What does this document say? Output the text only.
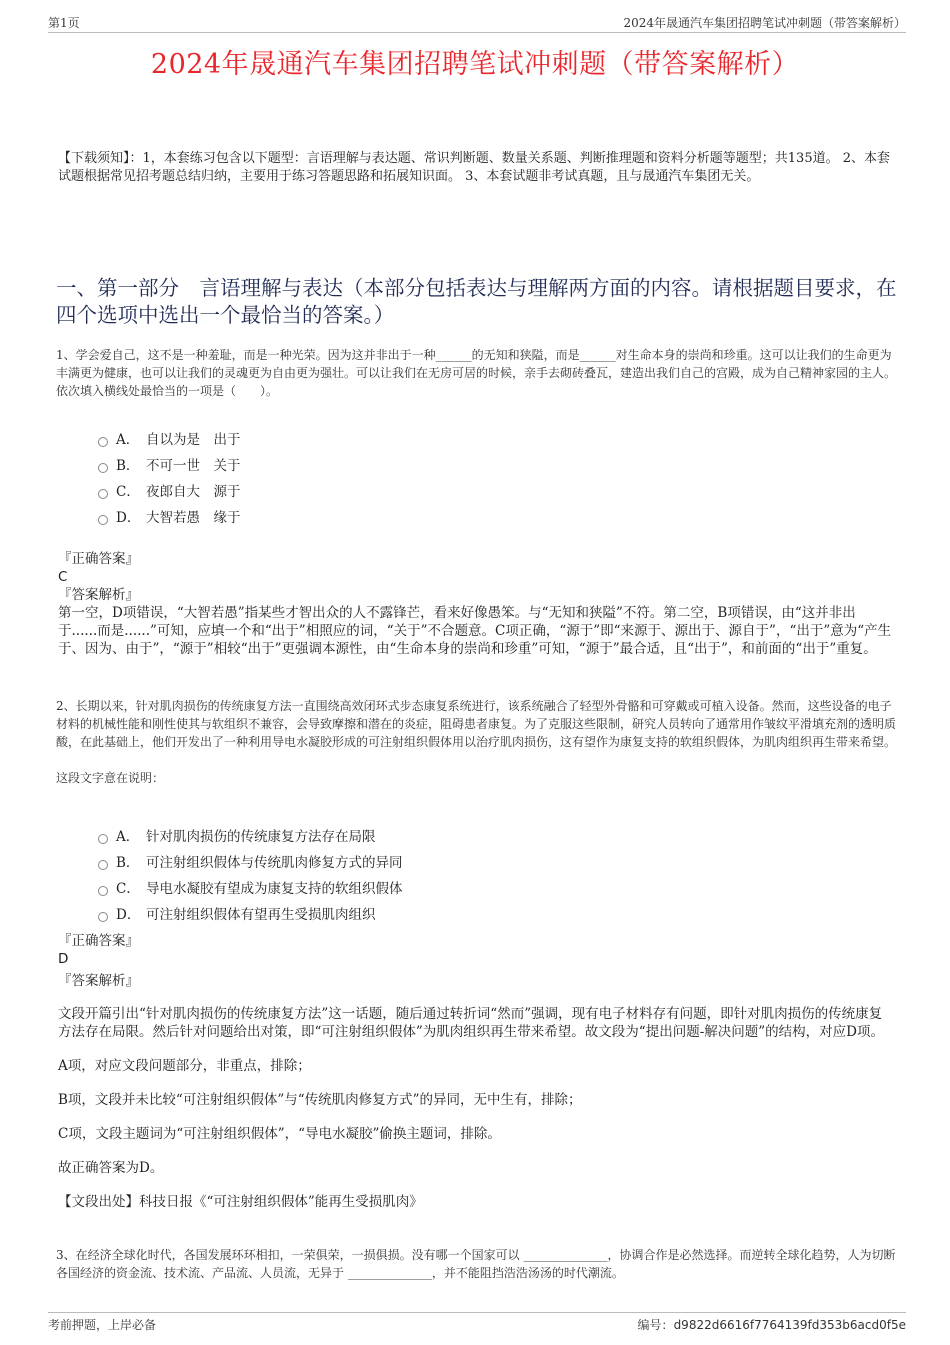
第1页	2024年晟通汽车集团招聘笔试冲刺题（带答案解析）
2024年晟通汽车集团招聘笔试冲刺题（带答案解析）
【下载须知】：1，本套练习包含以下题型：言语理解与表达题、常识判断题、数量关系题、判断推理题和资料分析题等题型；共135道。 2、本套试题根据常见招考题总结归纳，主要用于练习答题思路和拓展知识面。 3、本套试题非考试真题，且与晟通汽车集团无关。
一、第一部分　言语理解与表达（本部分包括表达与理解两方面的内容。请根据题目要求，在四个选项中选出一个最恰当的答案。）

1、学会爱自己，这不是一种羞耻，而是一种光荣。因为这并非出于一种______的无知和狭隘，而是______对生命本身的崇尚和珍重。这可以让我们的生命更为丰满更为健康，也可以让我们的灵魂更为自由更为强壮。可以让我们在无房可居的时候，亲手去砌砖叠瓦，建造出我们自己的宫殿，成为自己精神家园的主人。

依次填入横线处最恰当的一项是（　　）。

A． 自以为是　出于
B． 不可一世　关于
C． 夜郎自大　源于
D． 大智若愚　缘于

『正确答案』

C

『答案解析』

第一空，D项错误，“大智若愚”指某些才智出众的人不露锋芒，看来好像愚笨。与“无知和狭隘”不符。第二空，B项错误，由“这并非出于......而是......”可知，应填一个和“出于”相照应的词，“关于”不合题意。C项正确，“源于”即“来源于、源出于、源自于”，“出于”意为“产生于、因为、由于”，“源于”相较“出于”更强调本源性，由“生命本身的崇尚和珍重”可知，“源于”最合适，且“出于”，和前面的“出于”重复。

2、长期以来，针对肌肉损伤的传统康复方法一直围绕高效闭环式步态康复系统进行，该系统融合了轻型外骨骼和可穿戴或可植入设备。然而，这些设备的电子材料的机械性能和刚性使其与软组织不兼容，会导致摩擦和潜在的炎症，阻碍患者康复。为了克服这些限制，研究人员转向了通常用作皱纹平滑填充剂的透明质酸，在此基础上，他们开发出了一种利用导电水凝胶形成的可注射组织假体用以治疗肌肉损伤，这有望作为康复支持的软组织假体，为肌肉组织再生带来希望。

这段文字意在说明：

A． 针对肌肉损伤的传统康复方法存在局限
B． 可注射组织假体与传统肌肉修复方式的异同
C． 导电水凝胶有望成为康复支持的软组织假体
D． 可注射组织假体有望再生受损肌肉组织

『正确答案』

D

『答案解析』

文段开篇引出“针对肌肉损伤的传统康复方法”这一话题，随后通过转折词“然而”强调，现有电子材料存有问题，即针对肌肉损伤的传统康复方法存在局限。然后针对问题给出对策，即“可注射组织假体”为肌肉组织再生带来希望。故文段为“提出问题-解决问题”的结构，对应D项。

A项，对应文段问题部分，非重点，排除；

B项，文段并未比较“可注射组织假体”与“传统肌肉修复方式”的异同，无中生有，排除；

C项，文段主题词为“可注射组织假体”，“导电水凝胶”偷换主题词，排除。

故正确答案为D。

【文段出处】科技日报《“可注射组织假体”能再生受损肌肉》

3、在经济全球化时代，各国发展环环相扣，一荣俱荣，一损俱损。没有哪一个国家可以 ______________，协调合作是必然选择。而逆转全球化趋势，人为切断各国经济的资金流、技术流、产品流、人员流，无异于 ______________，并不能阻挡浩浩汤汤的时代潮流。

考前押题，上岸必备	编号：d9822d6616f7764139fd353b6acd0f5e
